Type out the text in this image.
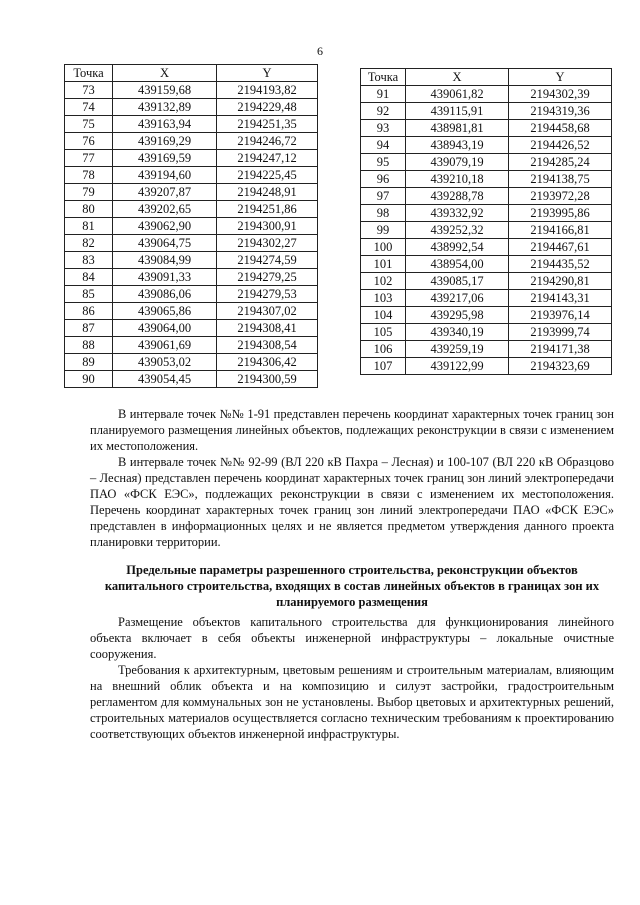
6
Точка	X	Y
73	439159,68	2194193,82
74	439132,89	2194229,48
75	439163,94	2194251,35
76	439169,29	2194246,72
77	439169,59	2194247,12
78	439194,60	2194225,45
79	439207,87	2194248,91
80	439202,65	2194251,86
81	439062,90	2194300,91
82	439064,75	2194302,27
83	439084,99	2194274,59
84	439091,33	2194279,25
85	439086,06	2194279,53
86	439065,86	2194307,02
87	439064,00	2194308,41
88	439061,69	2194308,54
89	439053,02	2194306,42
90	439054,45	2194300,59
Точка	X	Y
91	439061,82	2194302,39
92	439115,91	2194319,36
93	438981,81	2194458,68
94	438943,19	2194426,52
95	439079,19	2194285,24
96	439210,18	2194138,75
97	439288,78	2193972,28
98	439332,92	2193995,86
99	439252,32	2194166,81
100	438992,54	2194467,61
101	438954,00	2194435,52
102	439085,17	2194290,81
103	439217,06	2194143,31
104	439295,98	2193976,14
105	439340,19	2193999,74
106	439259,19	2194171,38
107	439122,99	2194323,69

В интервале точек №№ 1-91 представлен перечень координат характерных точек границ зон планируемого размещения линейных объектов, подлежащих реконструкции в связи с изменением их местоположения.

В интервале точек №№ 92-99 (ВЛ 220 кВ Пахра – Лесная) и 100-107 (ВЛ 220 кВ Образцово – Лесная) представлен перечень координат характерных точек границ зон линий электропередачи ПАО «ФСК ЕЭС», подлежащих реконструкции в связи с изменением их местоположения. Перечень координат характерных точек границ зон линий электропередачи ПАО «ФСК ЕЭС» представлен в информационных целях и не является предметом утверждения данного проекта планировки территории.

Предельные параметры разрешенного строительства, реконструкции объектов капитального строительства, входящих в состав линейных объектов в границах зон их планируемого размещения

Размещение объектов капитального строительства для функционирования линейного объекта включает в себя объекты инженерной инфраструктуры – локальные очистные сооружения.

Требования к архитектурным, цветовым решениям и строительным материалам, влияющим на внешний облик объекта и на композицию и силуэт застройки, градостроительным регламентом для коммунальных зон не установлены. Выбор цветовых и архитектурных решений, строительных материалов осуществляется согласно техническим требованиям к проектированию соответствующих объектов инженерной инфраструктуры.
